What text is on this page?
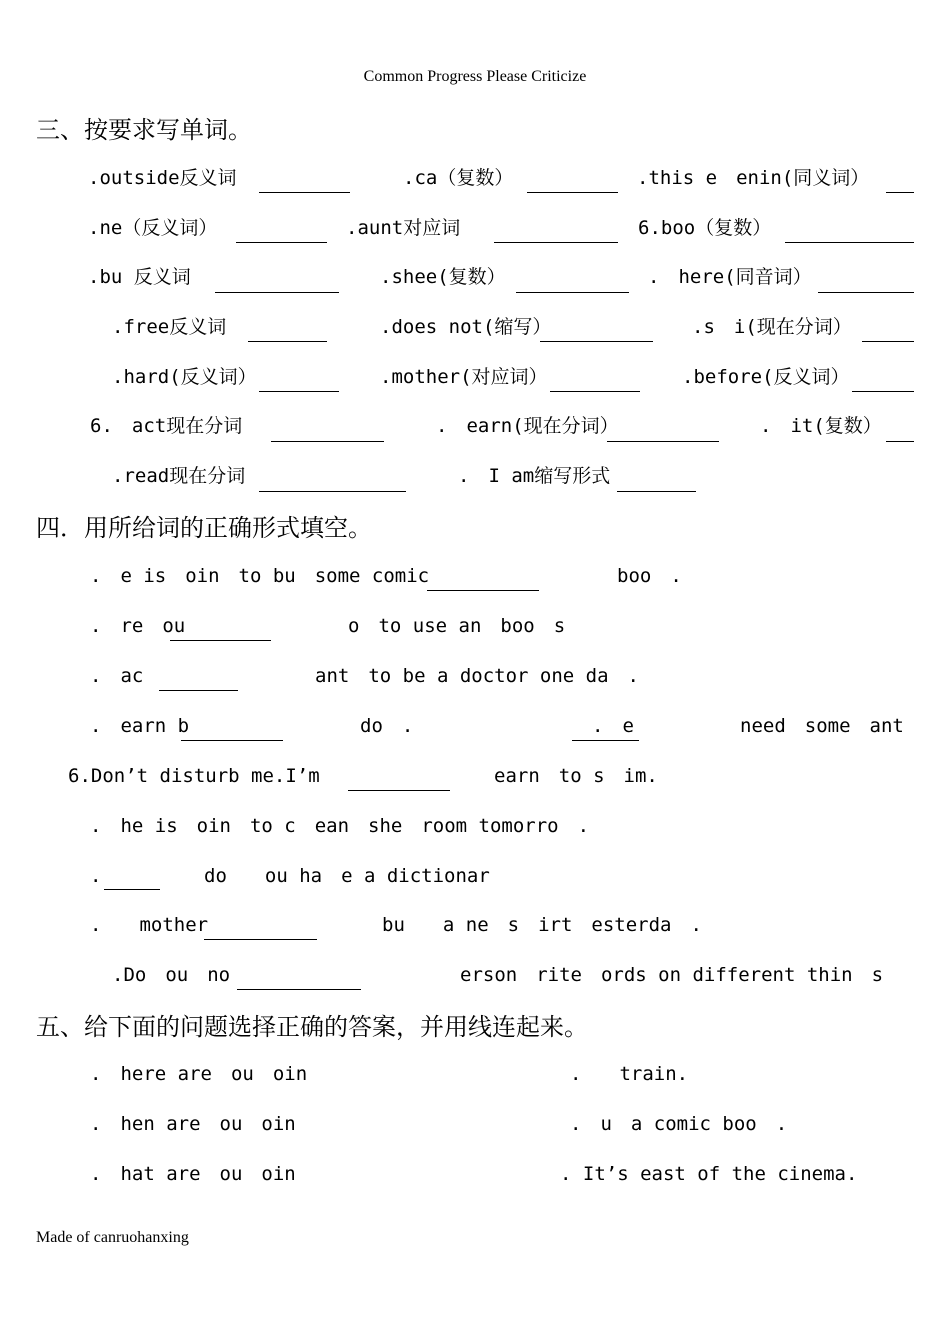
Common Progress Please Criticize
三、按要求写单词。
.outside反义词	.ca（复数）	.this e　enin(同义词）
.ne（反义词）	.aunt对应词	6.boo（复数）
.bu 反义词	.shee(复数）	.　here(同音词）
.free反义词	.does not(缩写）	.s　i(现在分词）
.hard(反义词）	.mother(对应词）	.before(反义词）
6.　act现在分词	.　earn(现在分词）	.　it(复数）
.read现在分词	.　I am缩写形式
四．用所给词的正确形式填空。
.　e is　oin　to bu　some comic	boo　.
.　re　ou	o　to use an　boo　s
.　ac	ant　to be a doctor one da　.
.　earn b	do　.	.　e	need　some　ant
6.Don’t disturb me.I’m	earn　to s　im.
.　he is　oin　to c　ean　she　room tomorro　.
.	do　　ou ha　e a dictionar
.　　mother	bu　　a ne　s　irt　esterda　.
.Do　ou　no	erson　rite　ords on different thin　s
五、给下面的问题选择正确的答案，并用线连起来。
.　here are　ou　oin	.　　train.
.　hen are　ou　oin	.　u　a comic boo　.
.　hat are　ou　oin	. It’s east of the cinema.
Made of canruohanxing
